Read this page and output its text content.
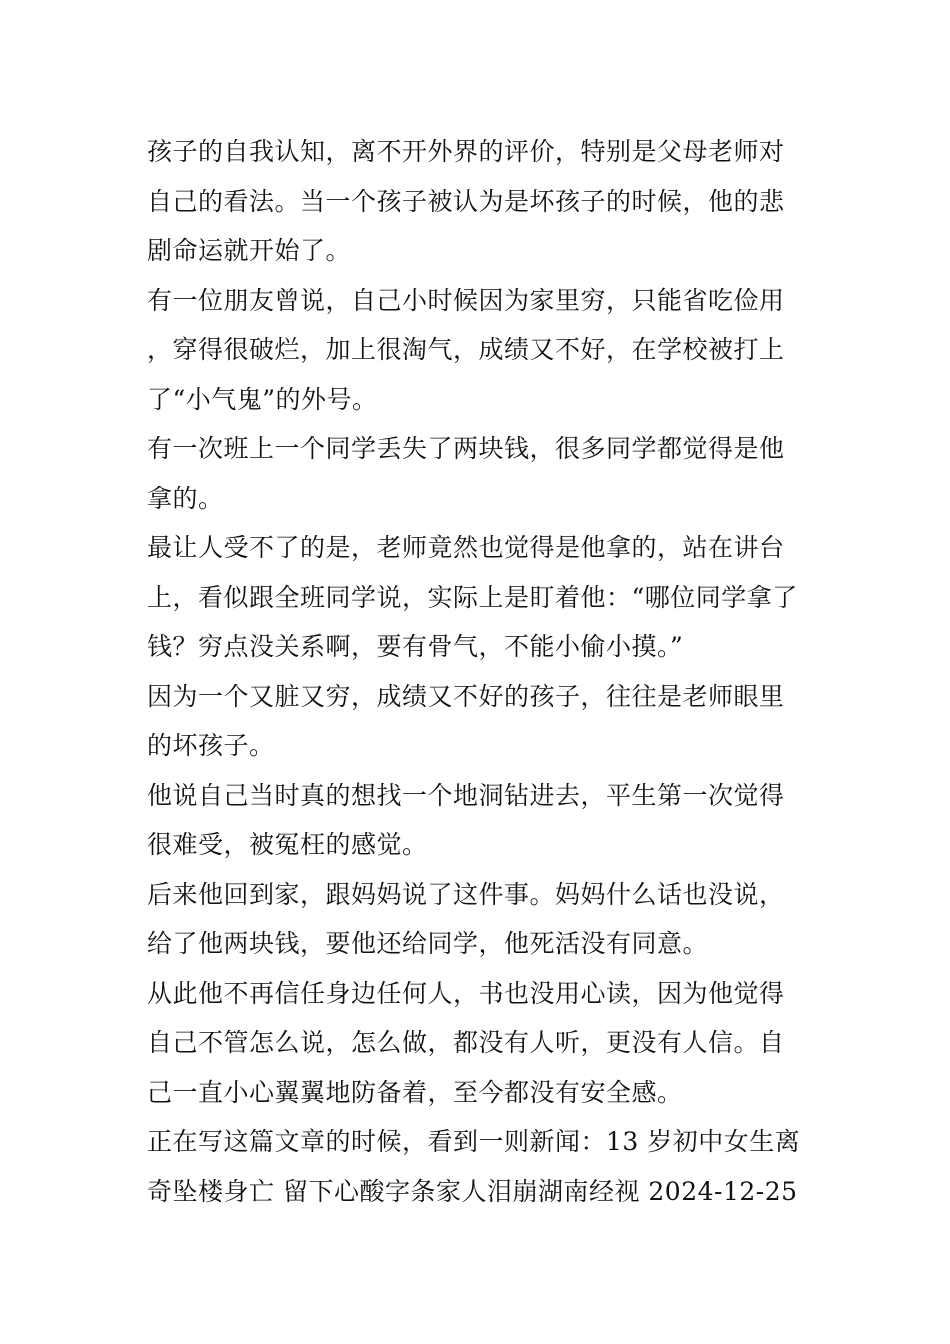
孩子的自我认知，离不开外界的评价，特别是父母老师对自己的看法。当一个孩子被认为是坏孩子的时候，他的悲剧命运就开始了。

有一位朋友曾说，自己小时候因为家里穷，只能省吃俭用，穿得很破烂，加上很淘气，成绩又不好，在学校被打上了“小气鬼”的外号。

有一次班上一个同学丢失了两块钱，很多同学都觉得是他拿的。

最让人受不了的是，老师竟然也觉得是他拿的，站在讲台上，看似跟全班同学说，实际上是盯着他：“哪位同学拿了钱？穷点没关系啊，要有骨气，不能小偷小摸。”

因为一个又脏又穷，成绩又不好的孩子，往往是老师眼里的坏孩子。

他说自己当时真的想找一个地洞钻进去，平生第一次觉得很难受，被冤枉的感觉。

后来他回到家，跟妈妈说了这件事。妈妈什么话也没说，给了他两块钱，要他还给同学，他死活没有同意。

从此他不再信任身边任何人，书也没用心读，因为他觉得自己不管怎么说，怎么做，都没有人听，更没有人信。自己一直小心翼翼地防备着，至今都没有安全感。

正在写这篇文章的时候，看到一则新闻：13 岁初中女生离奇坠楼身亡 留下心酸字条家人泪崩湖南经视 2024-12-25
